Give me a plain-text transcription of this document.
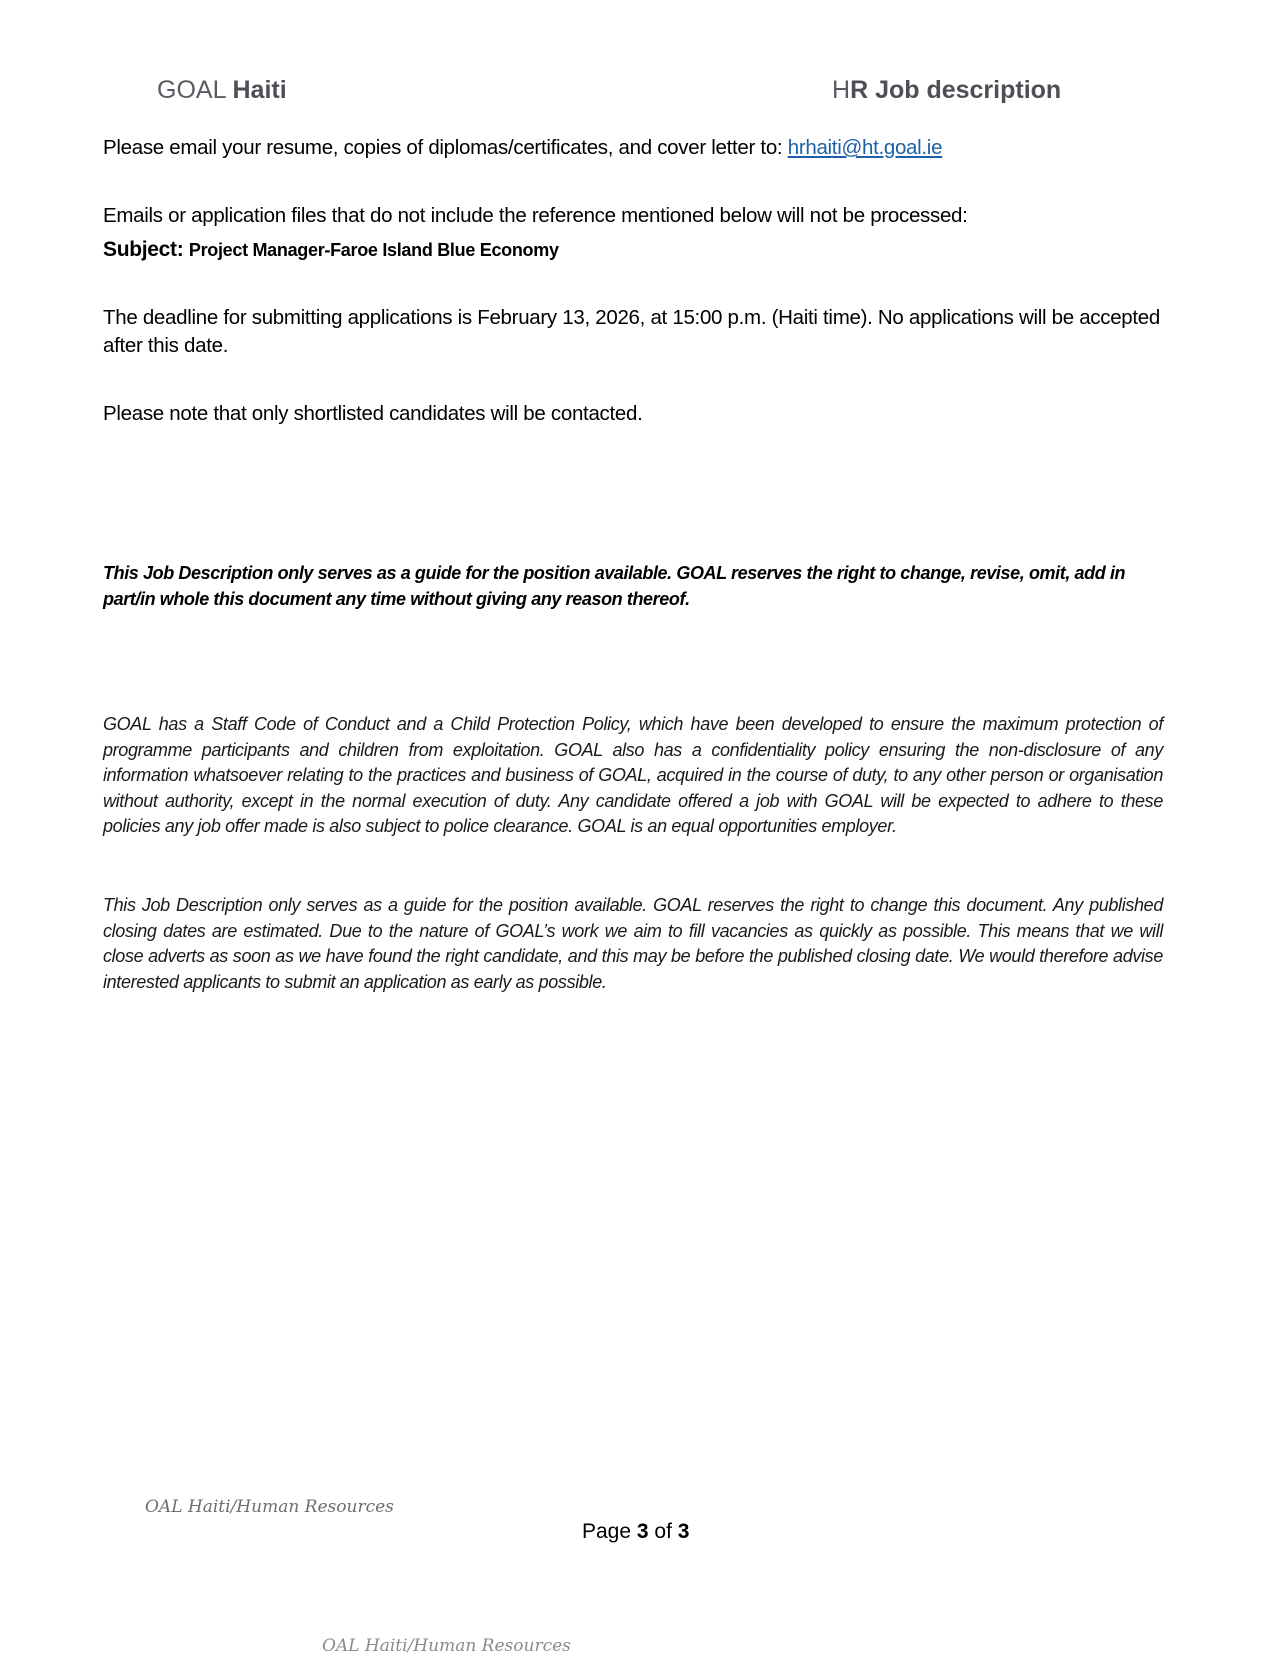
GOAL Haiti	HR Job description
Please email your resume, copies of diplomas/certificates, and cover letter to: hrhaiti@ht.goal.ie
Emails or application files that do not include the reference mentioned below will not be processed:
Subject: Project Manager-Faroe Island Blue Economy
The deadline for submitting applications is February 13, 2026, at 15:00 p.m. (Haiti time). No applications will be accepted after this date.
Please note that only shortlisted candidates will be contacted.
This Job Description only serves as a guide for the position available. GOAL reserves the right to change, revise, omit, add in part/in whole this document any time without giving any reason thereof.
GOAL has a Staff Code of Conduct and a Child Protection Policy, which have been developed to ensure the maximum protection of programme participants and children from exploitation. GOAL also has a confidentiality policy ensuring the non-disclosure of any information whatsoever relating to the practices and business of GOAL, acquired in the course of duty, to any other person or organisation without authority, except in the normal execution of duty. Any candidate offered a job with GOAL will be expected to adhere to these policies any job offer made is also subject to police clearance. GOAL is an equal opportunities employer.
This Job Description only serves as a guide for the position available. GOAL reserves the right to change this document. Any published closing dates are estimated. Due to the nature of GOAL’s work we aim to fill vacancies as quickly as possible. This means that we will close adverts as soon as we have found the right candidate, and this may be before the published closing date. We would therefore advise interested applicants to submit an application as early as possible.
OAL Haiti/Human Resources
Page 3 of 3
OAL Haiti/Human Resources
